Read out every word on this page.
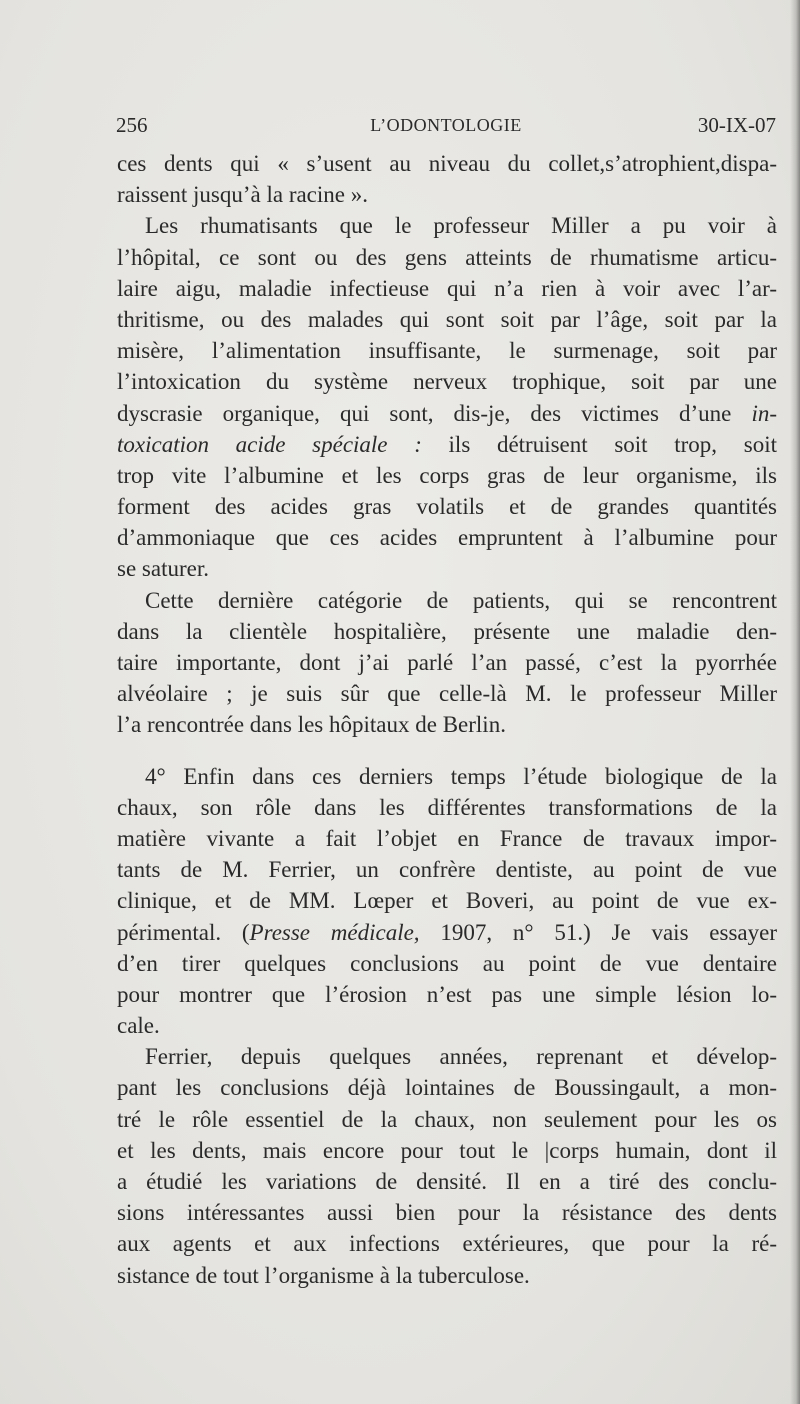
256	L’ODONTOLOGIE	30-IX-07
ces dents qui « s’usent au niveau du collet,s’atrophient,dispa-
raissent jusqu’à la racine ».
Les rhumatisants que le professeur Miller a pu voir à
l’hôpital, ce sont ou des gens atteints de rhumatisme articu-
laire aigu, maladie infectieuse qui n’a rien à voir avec l’ar-
thritisme, ou des malades qui sont soit par l’âge, soit par la
misère, l’alimentation insuffisante, le surmenage, soit par
l’intoxication du système nerveux trophique, soit par une
dyscrasie organique, qui sont, dis-je, des victimes d’une in-
toxication acide spéciale : ils détruisent soit trop, soit
trop vite l’albumine et les corps gras de leur organisme, ils
forment des acides gras volatils et de grandes quantités
d’ammoniaque que ces acides empruntent à l’albumine pour
se saturer.
Cette dernière catégorie de patients, qui se rencontrent
dans la clientèle hospitalière, présente une maladie den-
taire importante, dont j’ai parlé l’an passé, c’est la pyorrhée
alvéolaire ; je suis sûr que celle-là M. le professeur Miller
l’a rencontrée dans les hôpitaux de Berlin.
4° Enfin dans ces derniers temps l’étude biologique de la
chaux, son rôle dans les différentes transformations de la
matière vivante a fait l’objet en France de travaux impor-
tants de M. Ferrier, un confrère dentiste, au point de vue
clinique, et de MM. Lœper et Boveri, au point de vue ex-
périmental. (Presse médicale, 1907, n° 51.) Je vais essayer
d’en tirer quelques conclusions au point de vue dentaire
pour montrer que l’érosion n’est pas une simple lésion lo-
cale.
Ferrier, depuis quelques années, reprenant et dévelop-
pant les conclusions déjà lointaines de Boussingault, a mon-
tré le rôle essentiel de la chaux, non seulement pour les os
et les dents, mais encore pour tout le |corps humain, dont il
a étudié les variations de densité. Il en a tiré des conclu-
sions intéressantes aussi bien pour la résistance des dents
aux agents et aux infections extérieures, que pour la ré-
sistance de tout l’organisme à la tuberculose.
